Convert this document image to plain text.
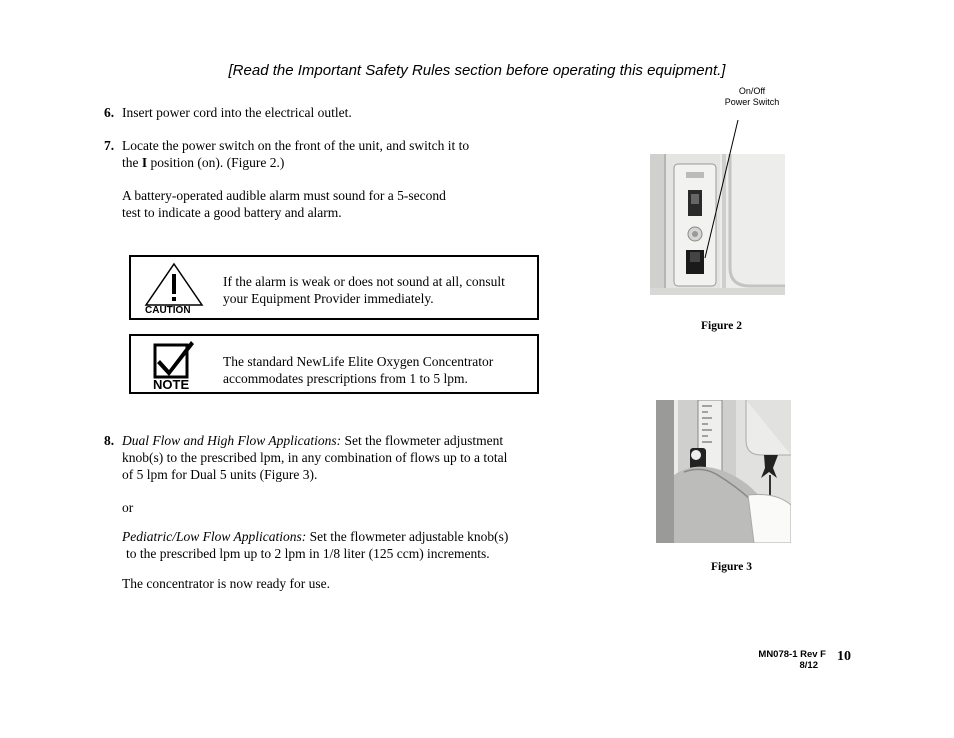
[Read the Important Safety Rules section before operating this equipment.]
6. Insert power cord into the electrical outlet.
7. Locate the power switch on the front of the unit, and switch it to
the I position (on). (Figure 2.)
A battery-operated audible alarm must sound for a 5-second
test to indicate a good battery and alarm.
CAUTION
If the alarm is weak or does not sound at all, consult
your Equipment Provider immediately.
NOTE
The standard NewLife Elite Oxygen Concentrator
accommodates prescriptions from 1 to 5 lpm.
8. Dual Flow and High Flow Applications: Set the flowmeter adjustment
knob(s) to the prescribed lpm, in any combination of flows up to a total
of 5 lpm for Dual 5 units (Figure 3).
or
Pediatric/Low Flow Applications: Set the flowmeter adjustable knob(s)
to the prescribed lpm up to 2 lpm in 1/8 liter (125 ccm) increments.
The concentrator is now ready for use.
On/Off
Power Switch
Figure 2
Figure 3
MN078-1 Rev F
8/12
10
